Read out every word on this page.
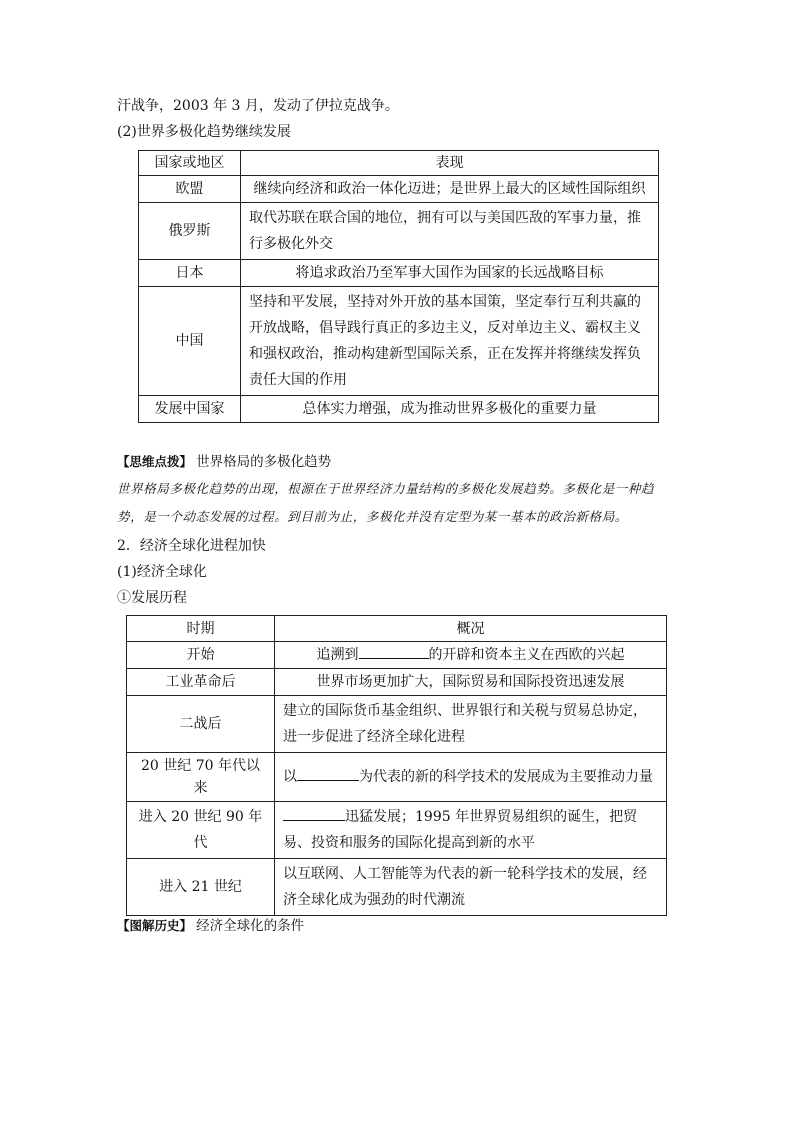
汗战争，2003 年 3 月，发动了伊拉克战争。
(2)世界多极化趋势继续发展
国家或地区	表现
欧盟	继续向经济和政治一体化迈进；是世界上最大的区域性国际组织
俄罗斯	取代苏联在联合国的地位，拥有可以与美国匹敌的军事力量，推行多极化外交
日本	将追求政治乃至军事大国作为国家的长远战略目标
中国	坚持和平发展，坚持对外开放的基本国策，坚定奉行互利共赢的开放战略，倡导践行真正的多边主义，反对单边主义、霸权主义和强权政治，推动构建新型国际关系，正在发挥并将继续发挥负责任大国的作用
发展中国家	总体实力增强，成为推动世界多极化的重要力量
【思维点拨】 世界格局的多极化趋势
世界格局多极化趋势的出现，根源在于世界经济力量结构的多极化发展趋势。多极化是一种趋势，是一个动态发展的过程。到目前为止，多极化并没有定型为某一基本的政治新格局。
2．经济全球化进程加快
(1)经济全球化
①发展历程
时期	概况
开始	追溯到 的开辟和资本主义在西欧的兴起
工业革命后	世界市场更加扩大，国际贸易和国际投资迅速发展
二战后	建立的国际货币基金组织、世界银行和关税与贸易总协定，进一步促进了经济全球化进程
20 世纪 70 年代以来	以 为代表的新的科学技术的发展成为主要推动力量
进入 20 世纪 90 年代	迅猛发展；1995 年世界贸易组织的诞生，把贸易、投资和服务的国际化提高到新的水平
进入 21 世纪	以互联网、人工智能等为代表的新一轮科学技术的发展，经济全球化成为强劲的时代潮流
【图解历史】 经济全球化的条件
